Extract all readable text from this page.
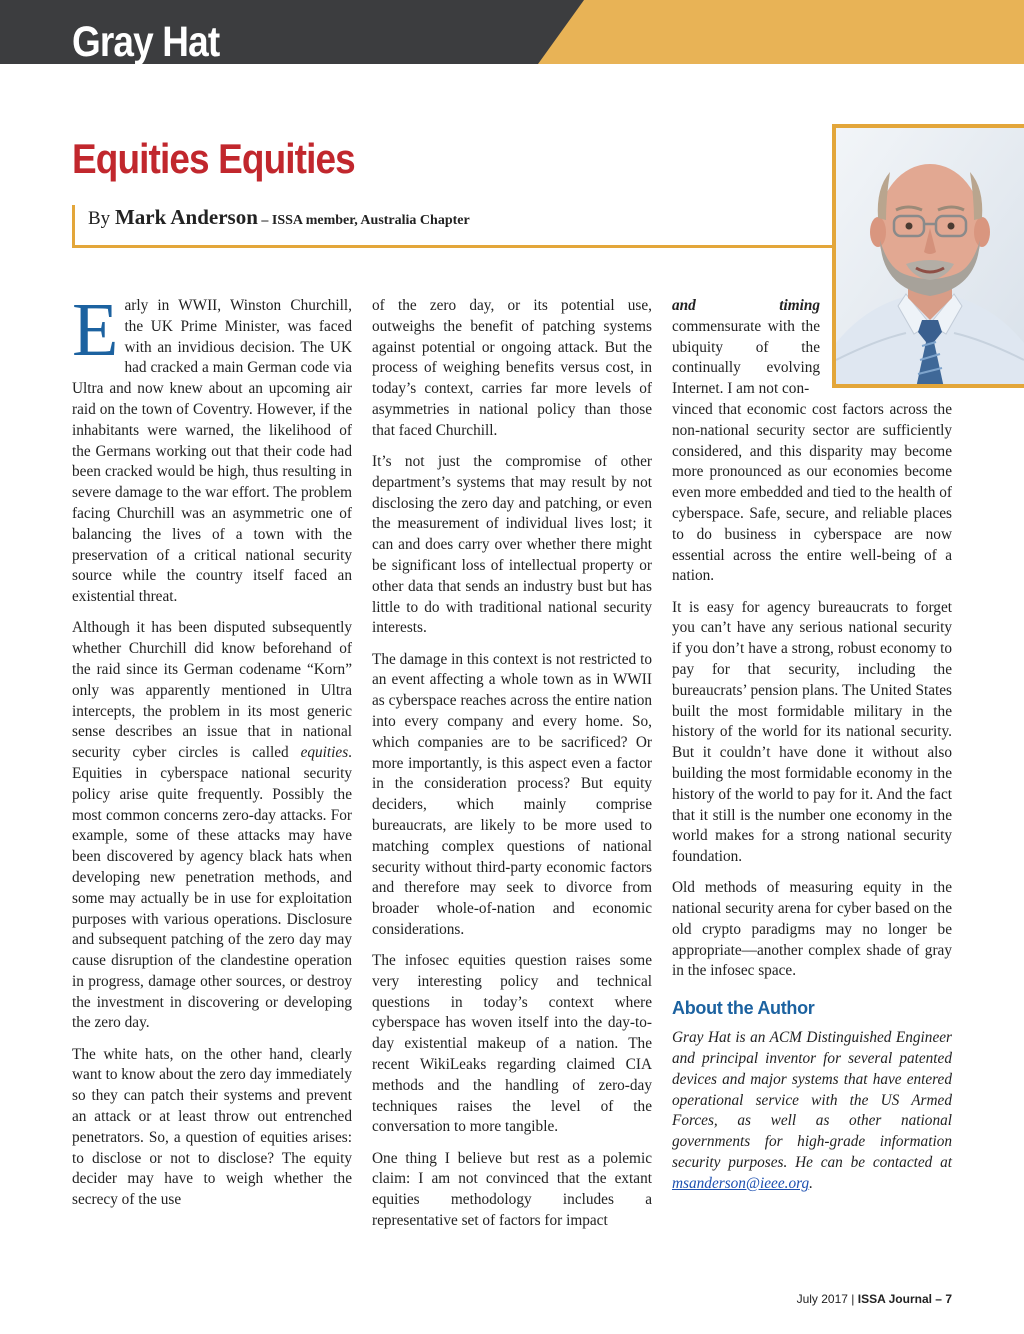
Gray Hat
Equities Equities
By Mark Anderson – ISSA member, Australia Chapter

Early in WWII, Winston Churchill, the UK Prime Minister, was faced with an invidious decision. The UK had cracked a main German code via Ultra and now knew about an upcoming air raid on the town of Coventry. However, if the inhabitants were warned, the likelihood of the Germans working out that their code had been cracked would be high, thus resulting in severe damage to the war effort. The problem facing Churchill was an asymmetric one of balancing the lives of a town with the preservation of a critical national security source while the country itself faced an existential threat.

Although it has been disputed subsequently whether Churchill did know beforehand of the raid since its German codename “Korn” only was apparently mentioned in Ultra intercepts, the problem in its most generic sense describes an issue that in national security cyber circles is called equities. Equities in cyberspace national security policy arise quite frequently. Possibly the most common concerns zero-day attacks. For example, some of these attacks may have been discovered by agency black hats when developing new penetration methods, and some may actually be in use for exploitation purposes with various operations. Disclosure and subsequent patching of the zero day may cause disruption of the clandestine operation in progress, damage other sources, or destroy the investment in discovering or developing the zero day.

The white hats, on the other hand, clearly want to know about the zero day immediately so they can patch their systems and prevent an attack or at least throw out entrenched penetrators. So, a question of equities arises: to disclose or not to disclose? The equity decider may have to weigh whether the secrecy of the use

of the zero day, or its potential use, outweighs the benefit of patching systems against potential or ongoing attack. But the process of weighing benefits versus cost, in today’s context, carries far more levels of asymmetries in national policy than those that faced Churchill.

It’s not just the compromise of other department’s systems that may result by not disclosing the zero day and patching, or even the measurement of individual lives lost; it can and does carry over whether there might be significant loss of intellectual property or other data that sends an industry bust but has little to do with traditional national security interests.

The damage in this context is not restricted to an event affecting a whole town as in WWII as cyberspace reaches across the entire nation into every company and every home. So, which companies are to be sacrificed? Or more importantly, is this aspect even a factor in the consideration process? But equity deciders, which mainly comprise bureaucrats, are likely to be more used to matching complex questions of national security without third-party economic factors and therefore may seek to divorce from broader whole-of-nation and economic considerations.

The infosec equities question raises some very interesting policy and technical questions in today’s context where cyberspace has woven itself into the day-to-day existential makeup of a nation. The recent WikiLeaks regarding claimed CIA methods and the handling of zero-day techniques raises the level of the conversation to more tangible.

One thing I believe but rest as a polemic claim: I am not convinced that the extant equities methodology includes a representative set of factors for impact

and timing commensurate with the ubiquity of the continually evolving Internet. I am not con-

vinced that economic cost factors across the non-national security sector are sufficiently considered, and this disparity may become more pronounced as our economies become even more embedded and tied to the health of cyberspace. Safe, secure, and reliable places to do business in cyberspace are now essential across the entire well-being of a nation.

It is easy for agency bureaucrats to forget you can’t have any serious national security if you don’t have a strong, robust economy to pay for that security, including the bureaucrats’ pension plans. The United States built the most formidable military in the history of the world for its national security. But it couldn’t have done it without also building the most formidable economy in the history of the world to pay for it. And the fact that it still is the number one economy in the world makes for a strong national security foundation.

Old methods of measuring equity in the national security arena for cyber based on the old crypto paradigms may no longer be appropriate—another complex shade of gray in the infosec space.

About the Author

Gray Hat is an ACM Distinguished Engineer and principal inventor for several patented devices and major systems that have entered operational service with the US Armed Forces, as well as other national governments for high-grade information security purposes. He can be contacted at msanderson@ieee.org.

July 2017 | ISSA Journal – 7
